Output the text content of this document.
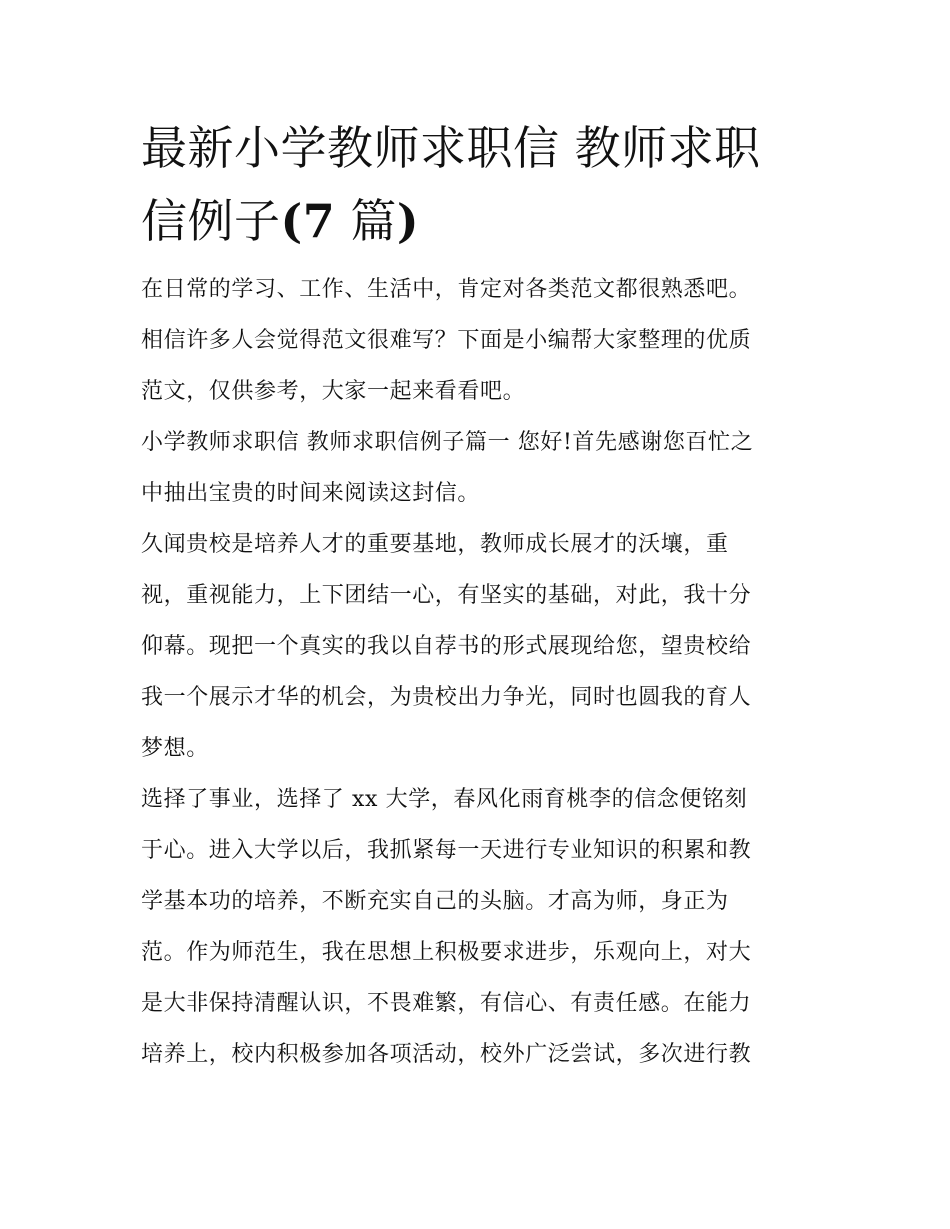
最新小学教师求职信 教师求职
信例子(7 篇)
在日常的学习、工作、生活中，肯定对各类范文都很熟悉吧。
相信许多人会觉得范文很难写？下面是小编帮大家整理的优质
范文，仅供参考，大家一起来看看吧。
小学教师求职信 教师求职信例子篇一 您好!首先感谢您百忙之
中抽出宝贵的时间来阅读这封信。
久闻贵校是培养人才的重要基地，教师成长展才的沃壤，重
视，重视能力，上下团结一心，有坚实的基础，对此，我十分
仰幕。现把一个真实的我以自荐书的形式展现给您，望贵校给
我一个展示才华的机会，为贵校出力争光，同时也圆我的育人
梦想。
选择了事业，选择了 xx 大学，春风化雨育桃李的信念便铭刻
于心。进入大学以后，我抓紧每一天进行专业知识的积累和教
学基本功的培养，不断充实自己的头脑。才高为师，身正为
范。作为师范生，我在思想上积极要求进步，乐观向上，对大
是大非保持清醒认识，不畏难繁，有信心、有责任感。在能力
培养上，校内积极参加各项活动，校外广泛尝试，多次进行教
